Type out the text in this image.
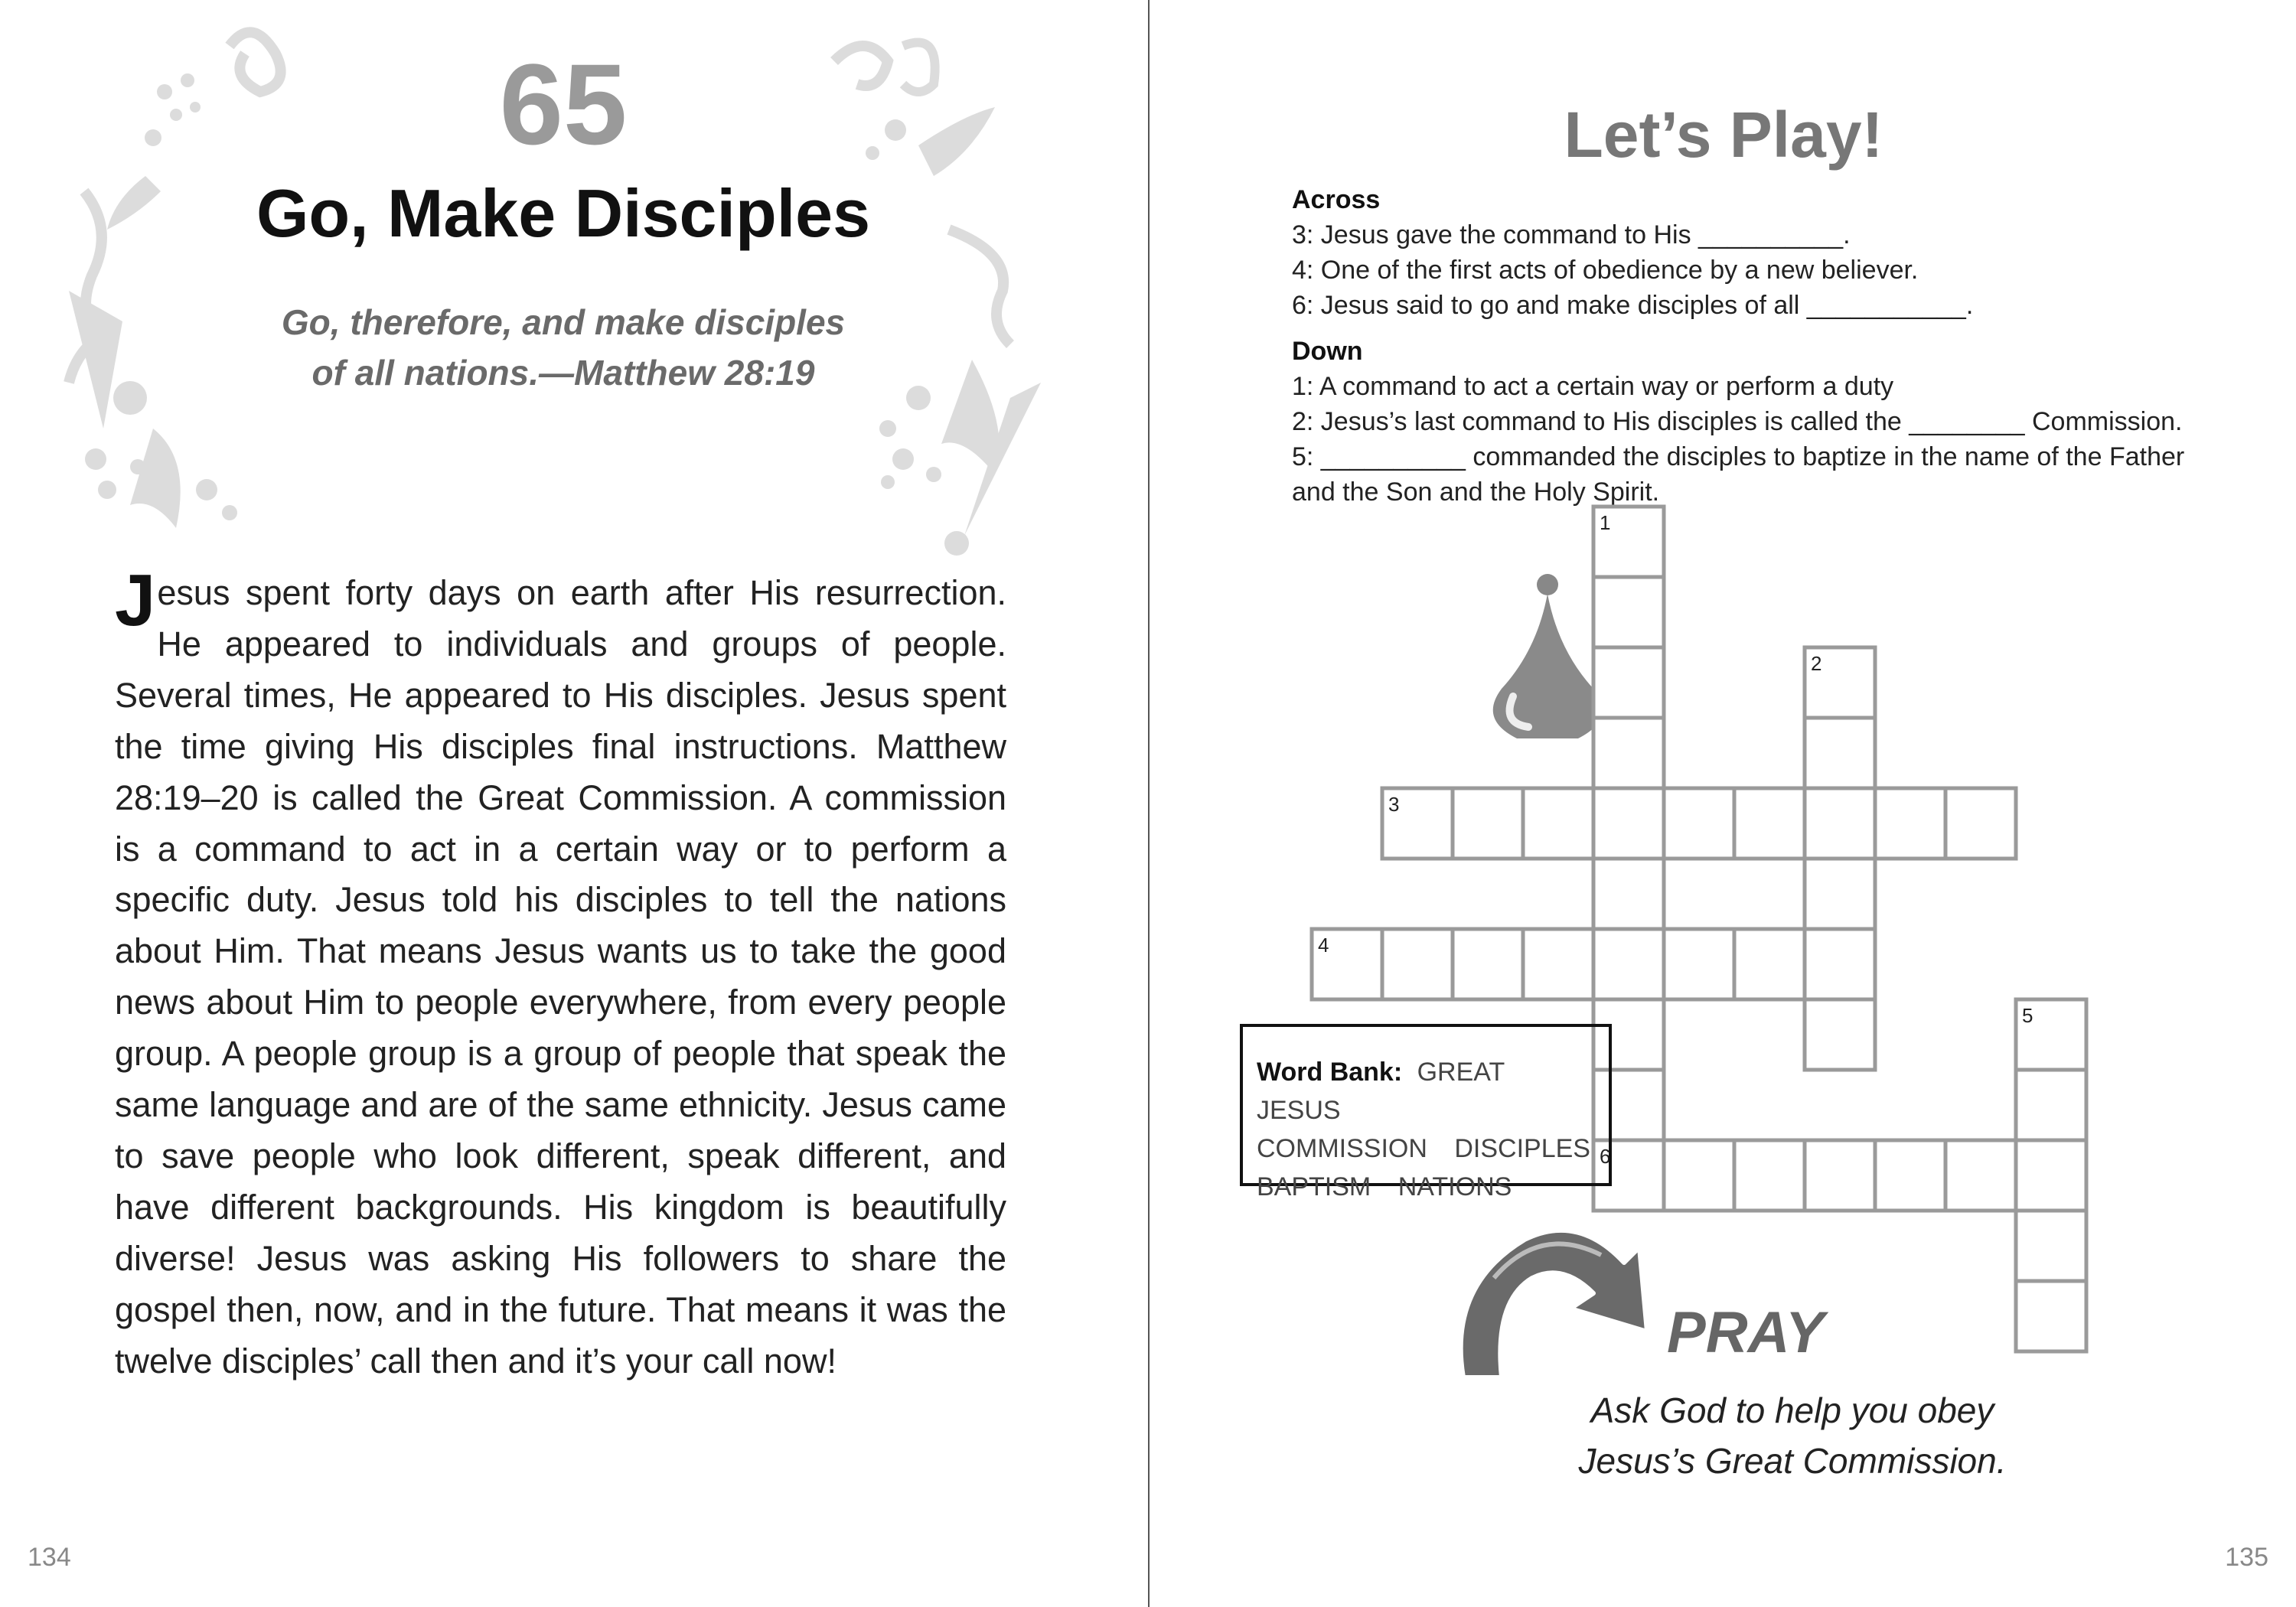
65
Go, Make Disciples
Go, therefore, and make disciples
of all nations.—Matthew 28:19
Jesus spent forty days on earth after His resurrection. He appeared to individuals and groups of people. Several times, He appeared to His disciples. Jesus spent the time giving His disciples final instructions. Matthew 28:19–20 is called the Great Commission. A commission is a command to act in a certain way or to perform a specific duty. Jesus told his disciples to tell the nations about Him. That means Jesus wants us to take the good news about Him to people everywhere, from every people group. A people group is a group of people that speak the same language and are of the same ethnicity. Jesus came to save people who look different, speak different, and have different backgrounds. His kingdom is beautifully diverse! Jesus was asking His followers to share the gospel then, now, and in the future. That means it was the twelve disciples’ call then and it’s your call now!
134
Let’s Play!
Across
3: Jesus gave the command to His __________.
4: One of the first acts of obedience by a new believer.
6: Jesus said to go and make disciples of all ___________.
Down
1: A command to act a certain way or perform a duty
2: Jesus’s last command to His disciples is called the ________ Commission.
5: __________ commanded the disciples to baptize in the name of the Father and the Son and the Holy Spirit.
1
2
3
4
5
6
Word Bank: GREAT JESUS
COMMISSION DISCIPLES
BAPTISM NATIONS
PRAY
Ask God to help you obey
Jesus’s Great Commission.
135
